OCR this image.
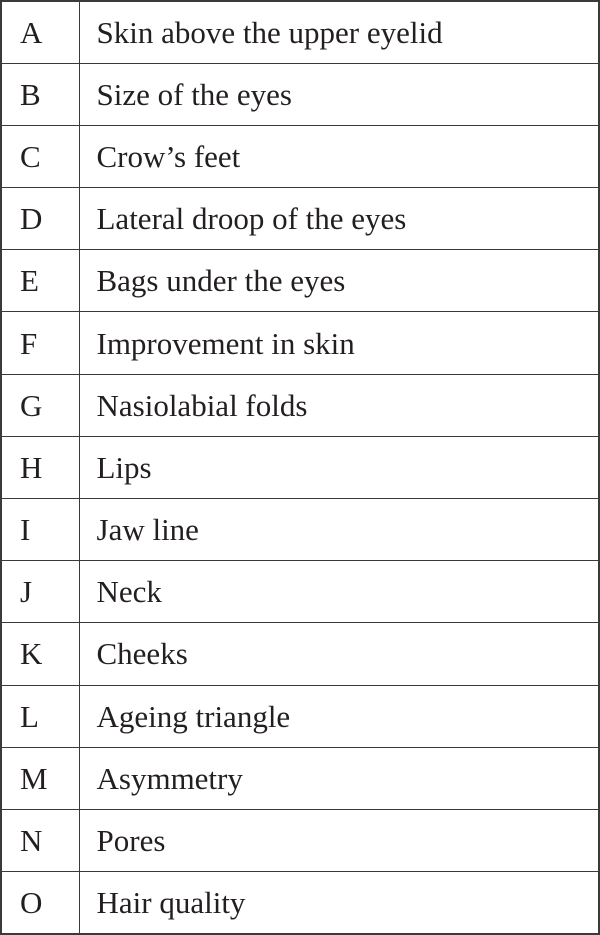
A	Skin above the upper eyelid
B	Size of the eyes
C	Crow’s feet
D	Lateral droop of the eyes
E	Bags under the eyes
F	Improvement in skin
G	Nasiolabial folds
H	Lips
I	Jaw line
J	Neck
K	Cheeks
L	Ageing triangle
M	Asymmetry
N	Pores
O	Hair quality
